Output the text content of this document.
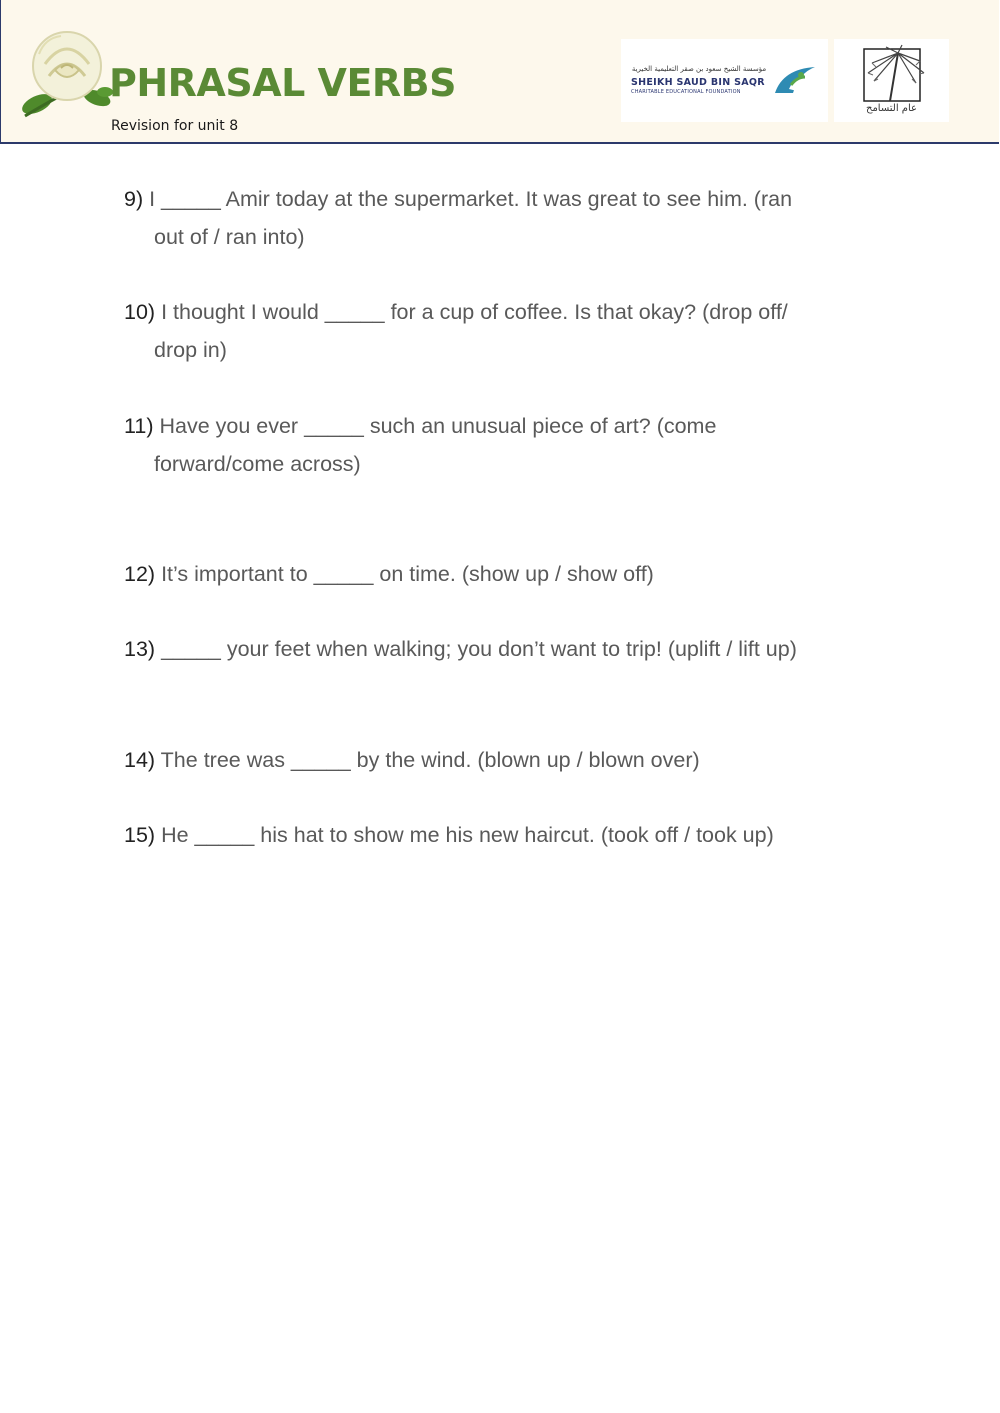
PHRASAL VERBS
Revision for unit 8
مؤسسة الشيخ سعود بن صقر التعليمية الخيرية
SHEIKH SAUD BIN SAQR
CHARITABLE EDUCATIONAL FOUNDATION
عام التسامح
9) I _____ Amir today at the supermarket. It was great to see him. (ran
out of / ran into)
10) I thought I would _____ for a cup of coffee. Is that okay? (drop off/
drop in)
11) Have you ever _____ such an unusual piece of art? (come
forward/come across)
12) It’s important to _____ on time. (show up / show off)
13) _____ your feet when walking; you don’t want to trip! (uplift / lift up)
14) The tree was _____ by the wind. (blown up / blown over)
15) He _____ his hat to show me his new haircut. (took off / took up)
